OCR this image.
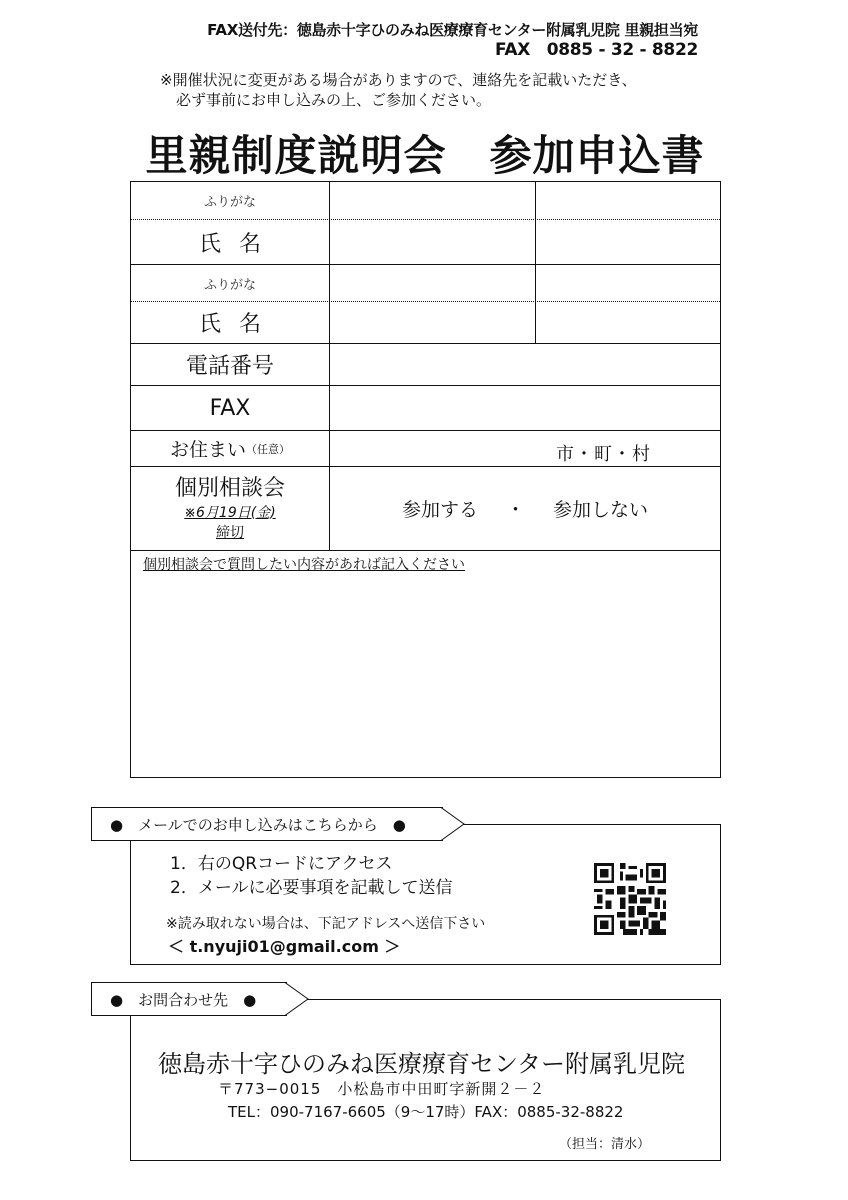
FAX送付先：徳島赤十字ひのみね医療療育センター附属乳児院 里親担当宛
FAX　0885 - 32 - 8822
※開催状況に変更がある場合がありますので、連絡先を記載いただき、
必ず事前にお申し込みの上、ご参加ください。
里親制度説明会　参加申込書
ふりがな
氏名
ふりがな
氏名
電話番号
FAX
お住まい （任意）	市・町・村
個別相談会
※6月19日(金)
締切
参加する ・ 参加しない
個別相談会で質問したい内容があれば記入ください
●　メールでのお申し込みはこちらから　●
1．右のQRコードにアクセス
2．メールに必要事項を記載して送信
※読み取れない場合は、下記アドレスへ送信下さい
＜ t.nyuji01@gmail.com ＞
●　お問合わせ先　●
徳島赤十字ひのみね医療療育センター附属乳児院
〒773−0015　小松島市中田町字新開２－２
TEL：090-7167-6605（9〜17時）FAX：0885-32-8822
（担当：清水）
